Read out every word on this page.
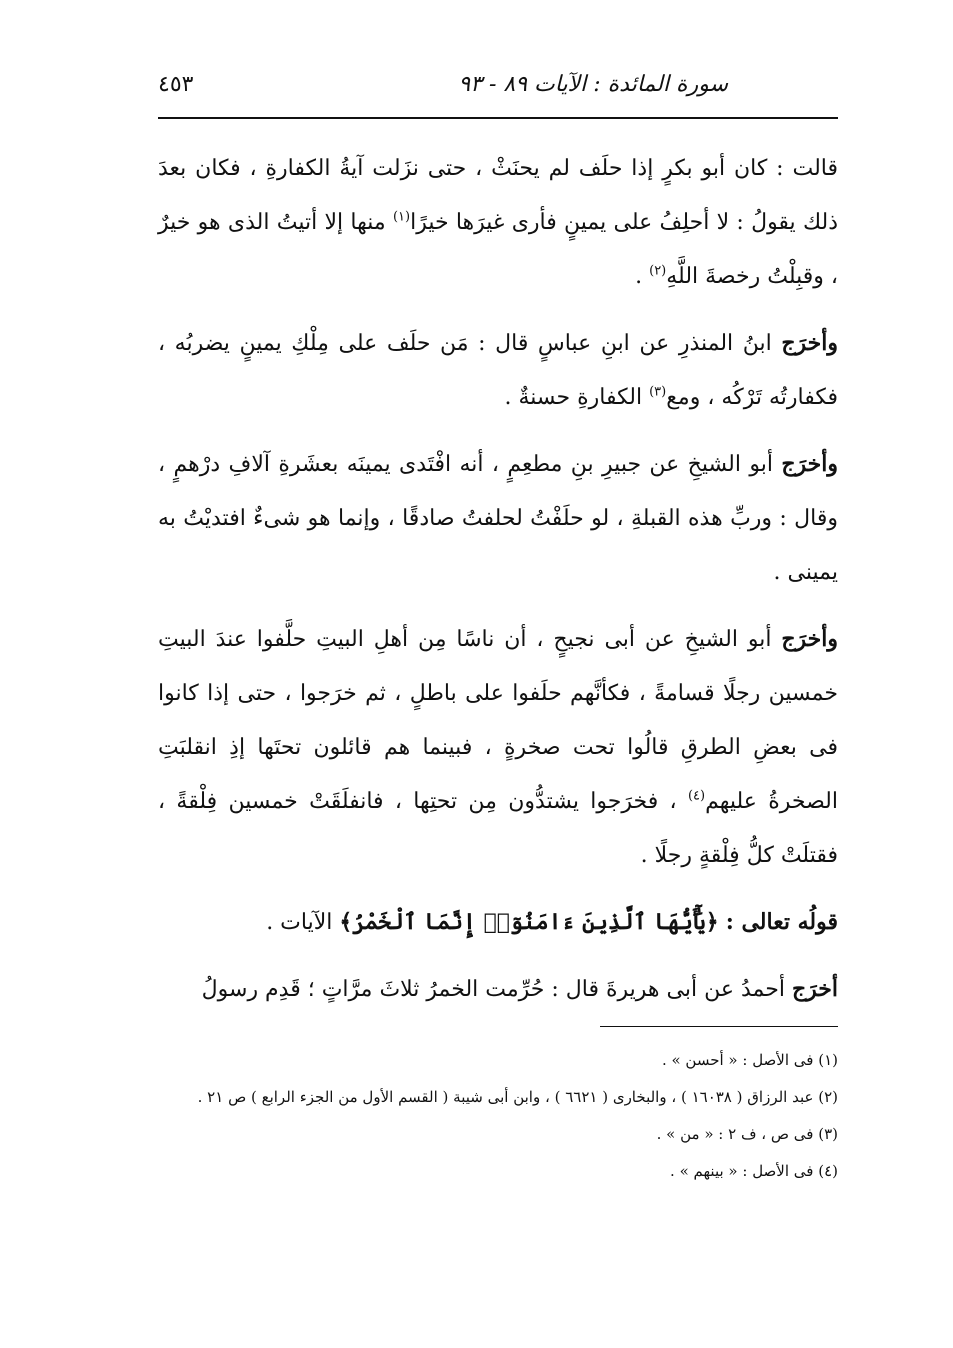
سورة المائدة : الآيات ٨٩ - ٩٣
٤٥٣

قالت : كان أبو بكرٍ إذا حلَف لم يحنَثْ ، حتى نزَلت آيةُ الكفارةِ ، فكان بعدَ ذلك يقولُ : لا أحلِفُ على يمينٍ فأرى غيرَها خيرًا$^{(١)}$ منها إلا أتيتُ الذى هو خيرٌ ، وقبِلْتُ رخصةَ اللَّهِ$^{(٢)}$ .

وأخرَج ابنُ المنذرِ عن ابنِ عباسٍ قال : مَن حلَف على مِلْكِ يمينٍ يضربُه ، فكفارتُه تَرْكُه ، ومع$^{(٣)}$ الكفارةِ حسنةٌ .

وأخرَج أبو الشيخِ عن جبيرِ بنِ مطعِمٍ ، أنه افْتَدى يمينَه بعشَرةِ آلافِ درْهمٍ ، وقال : وربِّ هذه القبلةِ ، لو حلَفْتُ لحلفتُ صادقًا ، وإنما هو شىءٌ افتديْتُ به يمينى .

وأخرَج أبو الشيخِ عن أبى نجيحٍ ، أن ناسًا مِن أهلِ البيتِ حلَّفوا عندَ البيتِ خمسين رجلًا قسامةً ، فكأنَّهم حلَفوا على باطلٍ ، ثم خرَجوا ، حتى إذا كانوا فى بعضِ الطرقِ قالُوا تحت صخرةٍ ، فبينما هم قائلون تحتَها إذِ انقلبَتِ الصخرةُ عليهم$^{(٤)}$ ، فخرَجوا يشتدُّون مِن تحتِها ، فانفلَقَتْ خمسين فِلْقةً ، فقتلَتْ كلُّ فِلْقةٍ رجلًا .

قولُه تعالى : ﴿يَٰٓأَيُّهَا ٱلَّذِينَ ءَامَنُوٓا۟ إِنَّمَا ٱلْخَمْرُ﴾ الآيات .

أخرَج أحمدُ عن أبى هريرةَ قال : حُرِّمت الخمرُ ثلاثَ مرَّاتٍ ؛ قَدِم رسولُ

(١) فى الأصل : « أحسن » .

(٢) عبد الرزاق ( ١٦٠٣٨ ) ، والبخارى ( ٦٦٢١ ) ، وابن أبى شيبة ( القسم الأول من الجزء الرابع ) ص ٢١ .

(٣) فى ص ، ف ٢ : « من » .

(٤) فى الأصل : « بينهم » .
